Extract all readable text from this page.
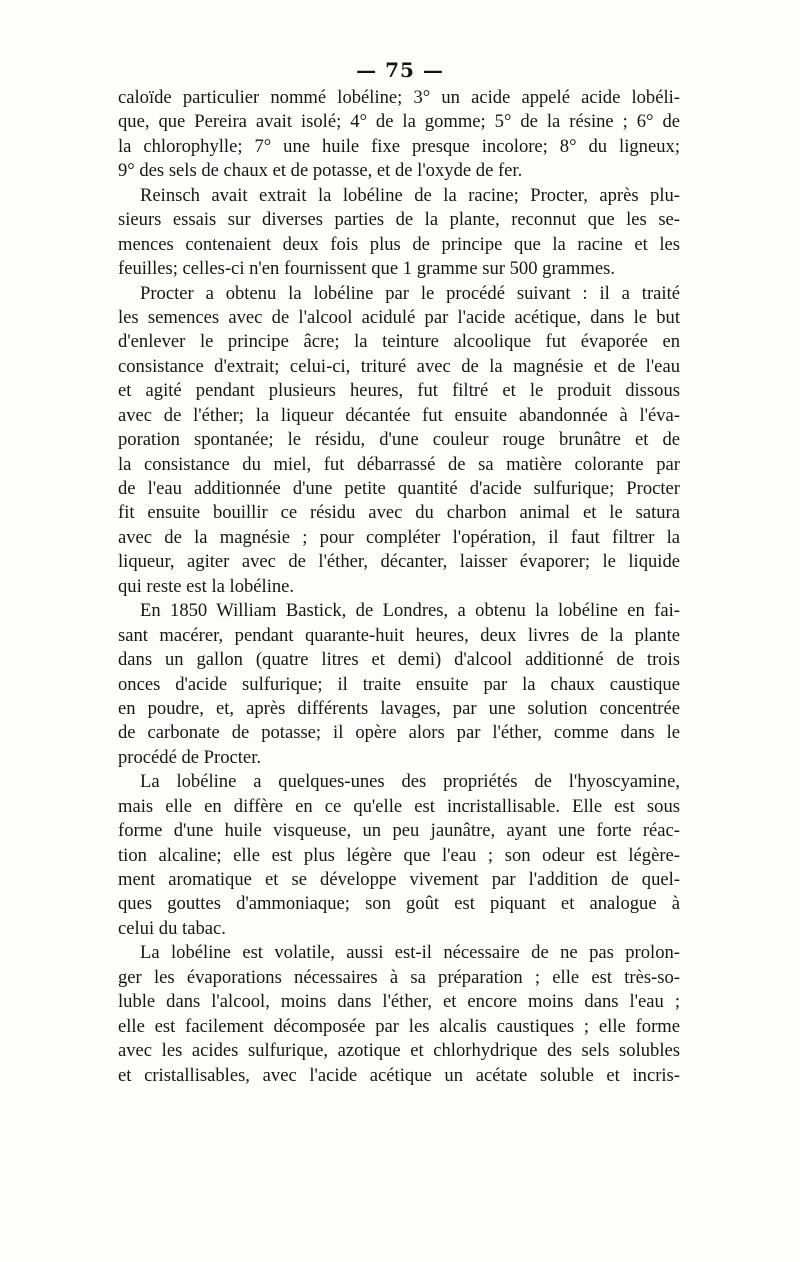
— 75 —
caloïde particulier nommé lobéline; 3° un acide appelé acide lobéli-
que, que Pereira avait isolé; 4° de la gomme; 5° de la résine ; 6° de
la chlorophylle; 7° une huile fixe presque incolore; 8° du ligneux;
9° des sels de chaux et de potasse, et de l'oxyde de fer.
Reinsch avait extrait la lobéline de la racine; Procter, après plu-
sieurs essais sur diverses parties de la plante, reconnut que les se-
mences contenaient deux fois plus de principe que la racine et les
feuilles; celles-ci n'en fournissent que 1 gramme sur 500 grammes.
Procter a obtenu la lobéline par le procédé suivant : il a traité
les semences avec de l'alcool acidulé par l'acide acétique, dans le but
d'enlever le principe âcre; la teinture alcoolique fut évaporée en
consistance d'extrait; celui-ci, trituré avec de la magnésie et de l'eau
et agité pendant plusieurs heures, fut filtré et le produit dissous
avec de l'éther; la liqueur décantée fut ensuite abandonnée à l'éva-
poration spontanée; le résidu, d'une couleur rouge brunâtre et de
la consistance du miel, fut débarrassé de sa matière colorante par
de l'eau additionnée d'une petite quantité d'acide sulfurique; Procter
fit ensuite bouillir ce résidu avec du charbon animal et le satura
avec de la magnésie ; pour compléter l'opération, il faut filtrer la
liqueur, agiter avec de l'éther, décanter, laisser évaporer; le liquide
qui reste est la lobéline.
En 1850 William Bastick, de Londres, a obtenu la lobéline en fai-
sant macérer, pendant quarante-huit heures, deux livres de la plante
dans un gallon (quatre litres et demi) d'alcool additionné de trois
onces d'acide sulfurique; il traite ensuite par la chaux caustique
en poudre, et, après différents lavages, par une solution concentrée
de carbonate de potasse; il opère alors par l'éther, comme dans le
procédé de Procter.
La lobéline a quelques-unes des propriétés de l'hyoscyamine,
mais elle en diffère en ce qu'elle est incristallisable. Elle est sous
forme d'une huile visqueuse, un peu jaunâtre, ayant une forte réac-
tion alcaline; elle est plus légère que l'eau ; son odeur est légère-
ment aromatique et se développe vivement par l'addition de quel-
ques gouttes d'ammoniaque; son goût est piquant et analogue à
celui du tabac.
La lobéline est volatile, aussi est-il nécessaire de ne pas prolon-
ger les évaporations nécessaires à sa préparation ; elle est très-so-
luble dans l'alcool, moins dans l'éther, et encore moins dans l'eau ;
elle est facilement décomposée par les alcalis caustiques ; elle forme
avec les acides sulfurique, azotique et chlorhydrique des sels solubles
et cristallisables, avec l'acide acétique un acétate soluble et incris-
